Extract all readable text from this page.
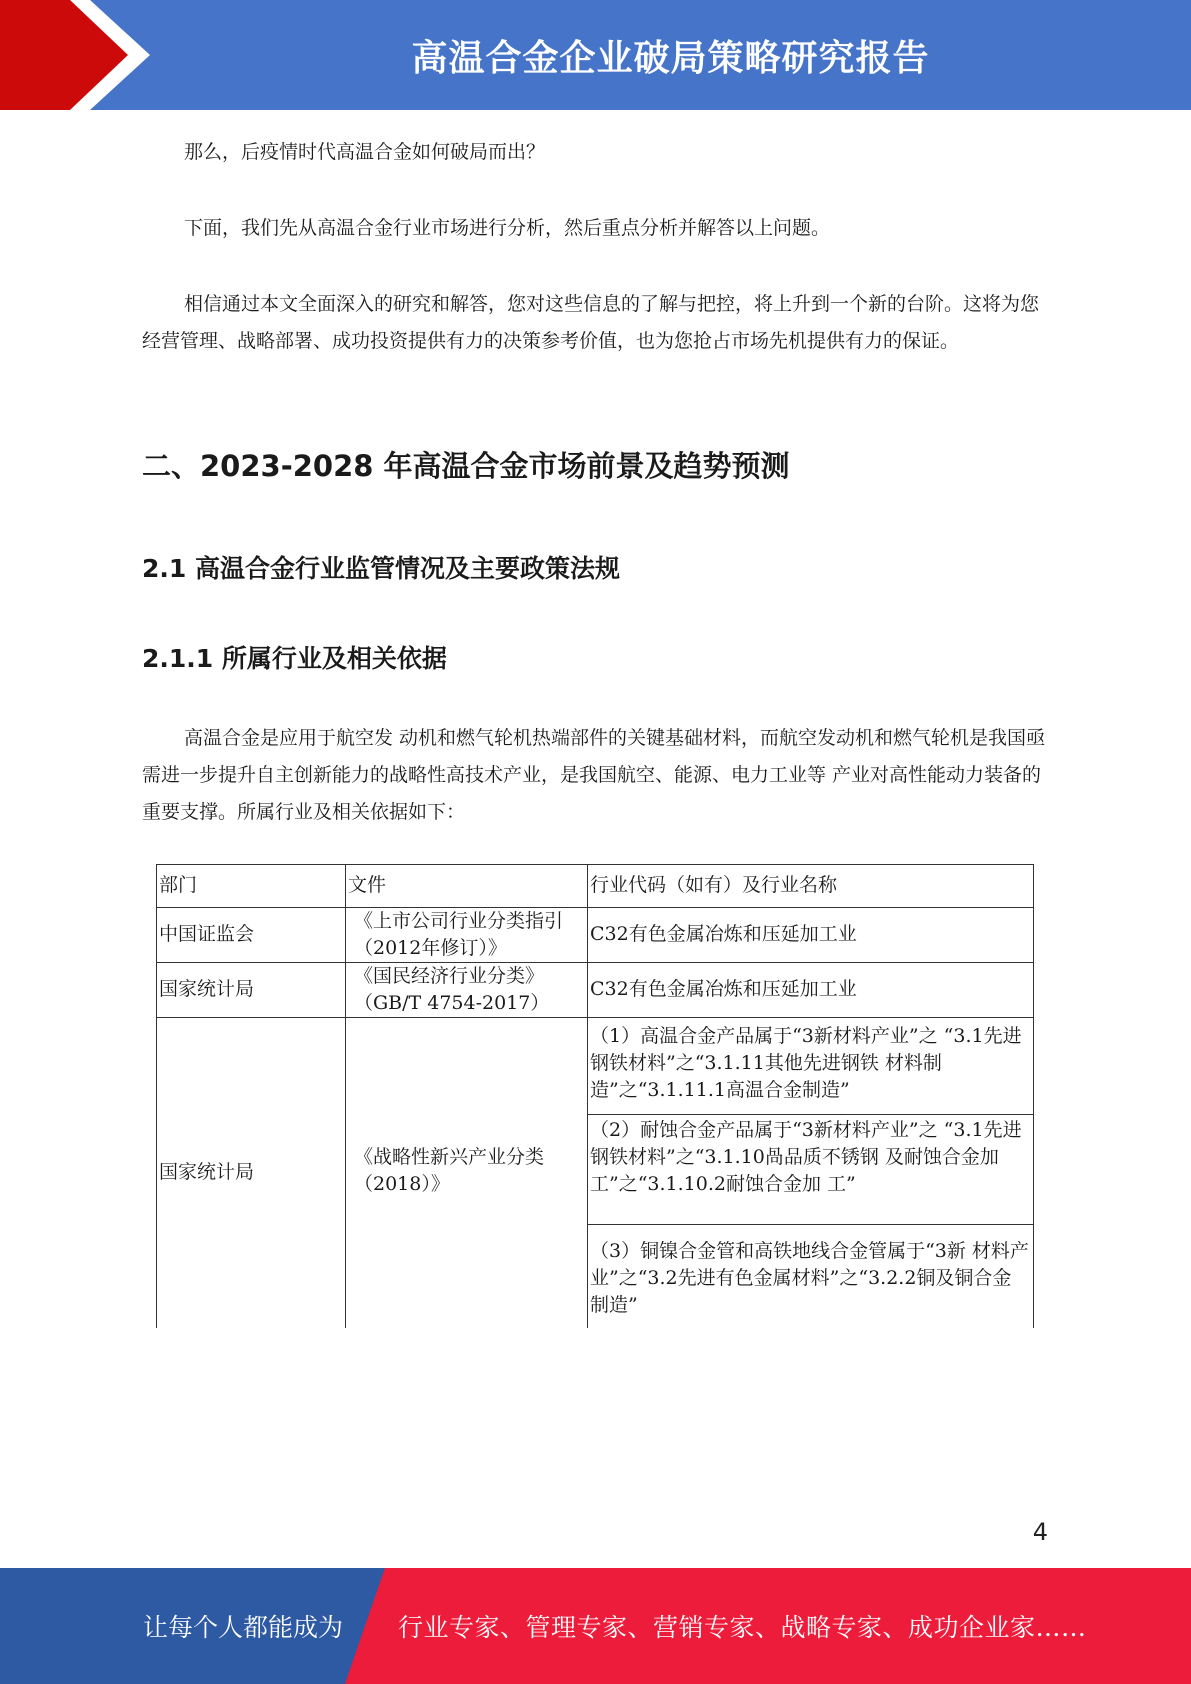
高温合金企业破局策略研究报告

那么，后疫情时代高温合金如何破局而出？

下面，我们先从高温合金行业市场进行分析，然后重点分析并解答以上问题。

相信通过本文全面深入的研究和解答，您对这些信息的了解与把控，将上升到一个新的台阶。这将为您经营管理、战略部署、成功投资提供有力的决策参考价值，也为您抢占市场先机提供有力的保证。

二、2023-2028 年高温合金市场前景及趋势预测
2.1 高温合金行业监管情况及主要政策法规
2.1.1 所属行业及相关依据

高温合金是应用于航空发 动机和燃气轮机热端部件的关键基础材料，而航空发动机和燃气轮机是我国亟需进一步提升自主创新能力的战略性高技术产业，是我国航空、能源、电力工业等 产业对高性能动力装备的重要支撑。所属行业及相关依据如下：

部门	文件	行业代码（如有）及行业名称
中国证监会
《上市公司行业分类指引（2012年修订）》
C32有色金属冶炼和压延加工业
国家统计局
《国民经济行业分类》（GB/T 4754-2017）
C32有色金属冶炼和压延加工业
国家统计局
《战略性新兴产业分类（2018）》
（1）高温合金产品属于“3新材料产业”之 “3.1先进钢铁材料”之“3.1.11其他先进钢铁 材料制造”之“3.1.11.1高温合金制造”
（2）耐蚀合金产品属于“3新材料产业”之 “3.1先进钢铁材料”之“3.1.10咼品质不锈钢 及耐蚀合金加工”之“3.1.10.2耐蚀合金加 工”
（3）铜镍合金管和高铁地线合金管属于“3新 材料产业”之“3.2先进有色金属材料”之“3.2.2铜及铜合金制造”
4
让每个人都能成为 行业专家、管理专家、营销专家、战略专家、成功企业家……
